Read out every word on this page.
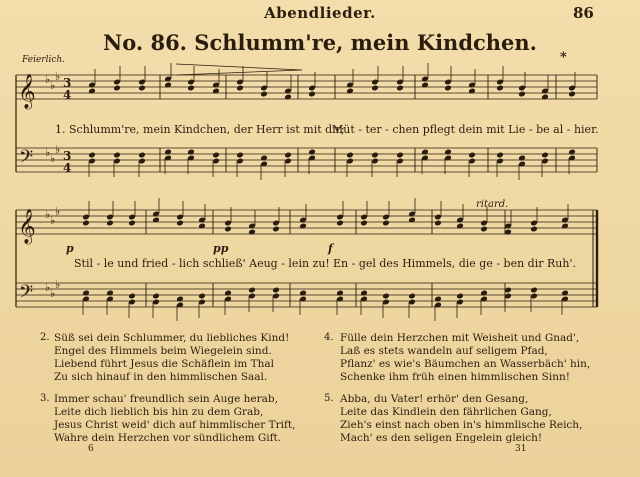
Abendlieder.	86
No. 86. Schlumm're, mein Kindchen.
Feierlich.	*
𝄞
𝄞
𝄢
𝄢
♭ ♭
♭ 3
4
♭ ♭
♭ 3
4
♭ ♭
♭
♭ ♭
♭
1. Schlumm're, mein Kindchen, der Herr ist mit dir;
Müt - ter - chen pflegt dein mit Lie - be al - hier.
p	pp	f
ritard.
Stil - le und fried - lich schließ' Aeug - lein zu! En - gel des Himmels, die ge - ben dir Ruh'.
2. Süß sei dein Schlummer, du liebliches Kind!
Engel des Himmels beim Wiegelein sind.
Liebend führt Jesus die Schäflein im Thal
Zu sich hinauf in den himmlischen Saal.
3. Immer schau' freundlich sein Auge herab,
Leite dich lieblich bis hin zu dem Grab,
Jesus Christ weid' dich auf himmlischer Trift,
Wahre dein Herzchen vor sündlichem Gift.
4. Fülle dein Herzchen mit Weisheit und Gnad',
Laß es stets wandeln auf seligem Pfad,
Pflanz' es wie's Bäumchen an Wasserbäch' hin,
Schenke ihm früh einen himmlischen Sinn!
5. Abba, du Vater! erhör' den Gesang,
Leite das Kindlein den fährlichen Gang,
Zieh's einst nach oben in's himmlische Reich,
Mach' es den seligen Engelein gleich!
6	31
